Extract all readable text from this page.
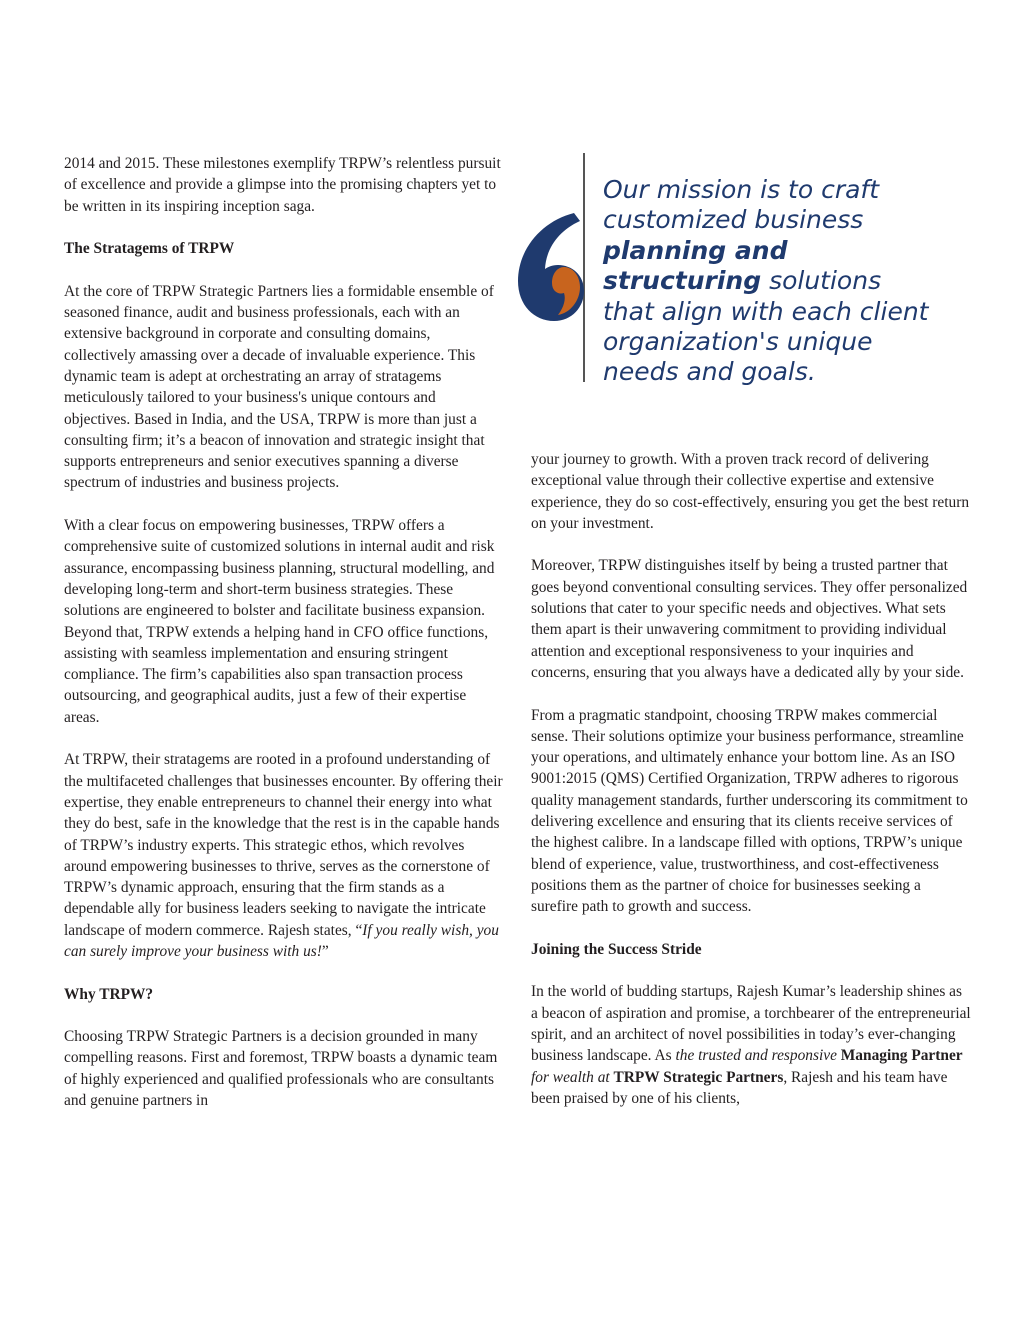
2014 and 2015. These milestones exemplify TRPW’s relentless pursuit of excellence and provide a glimpse into the promising chapters yet to be written in its inspiring inception saga.

The Stratagems of TRPW

At the core of TRPW Strategic Partners lies a formidable ensemble of seasoned finance, audit and business professionals, each with an extensive background in corporate and consulting domains, collectively amassing over a decade of invaluable experience. This dynamic team is adept at orchestrating an array of stratagems meticulously tailored to your business's unique contours and objectives. Based in India, and the USA, TRPW is more than just a consulting firm; it’s a beacon of innovation and strategic insight that supports entrepreneurs and senior executives spanning a diverse spectrum of industries and business projects.

With a clear focus on empowering businesses, TRPW offers a comprehensive suite of customized solutions in internal audit and risk assurance, encompassing business planning, structural modelling, and developing long-term and short-term business strategies. These solutions are engineered to bolster and facilitate business expansion. Beyond that, TRPW extends a helping hand in CFO office functions, assisting with seamless implementation and ensuring stringent compliance. The firm’s capabilities also span transaction process outsourcing, and geographical audits, just a few of their expertise areas.

At TRPW, their stratagems are rooted in a profound understanding of the multifaceted challenges that businesses encounter. By offering their expertise, they enable entrepreneurs to channel their energy into what they do best, safe in the knowledge that the rest is in the capable hands of TRPW’s industry experts. This strategic ethos, which revolves around empowering businesses to thrive, serves as the cornerstone of TRPW’s dynamic approach, ensuring that the firm stands as a dependable ally for business leaders seeking to navigate the intricate landscape of modern commerce. Rajesh states, “If you really wish, you can surely improve your business with us!”

Why TRPW?

Choosing TRPW Strategic Partners is a decision grounded in many compelling reasons. First and foremost, TRPW boasts a dynamic team of highly experienced and qualified professionals who are consultants and genuine partners in

Our mission is to craft customized business planning and structuring solutions that align with each client organization's unique needs and goals.

your journey to growth. With a proven track record of delivering exceptional value through their collective expertise and extensive experience, they do so cost-effectively, ensuring you get the best return on your investment.

Moreover, TRPW distinguishes itself by being a trusted partner that goes beyond conventional consulting services. They offer personalized solutions that cater to your specific needs and objectives. What sets them apart is their unwavering commitment to providing individual attention and exceptional responsiveness to your inquiries and concerns, ensuring that you always have a dedicated ally by your side.

From a pragmatic standpoint, choosing TRPW makes commercial sense. Their solutions optimize your business performance, streamline your operations, and ultimately enhance your bottom line. As an ISO 9001:2015 (QMS) Certified Organization, TRPW adheres to rigorous quality management standards, further underscoring its commitment to delivering excellence and ensuring that its clients receive services of the highest calibre. In a landscape filled with options, TRPW’s unique blend of experience, value, trustworthiness, and cost-effectiveness positions them as the partner of choice for businesses seeking a surefire path to growth and success.

Joining the Success Stride

In the world of budding startups, Rajesh Kumar’s leadership shines as a beacon of aspiration and promise, a torchbearer of the entrepreneurial spirit, and an architect of novel possibilities in today’s ever-changing business landscape. As the trusted and responsive Managing Partner for wealth at TRPW Strategic Partners, Rajesh and his team have been praised by one of his clients,
